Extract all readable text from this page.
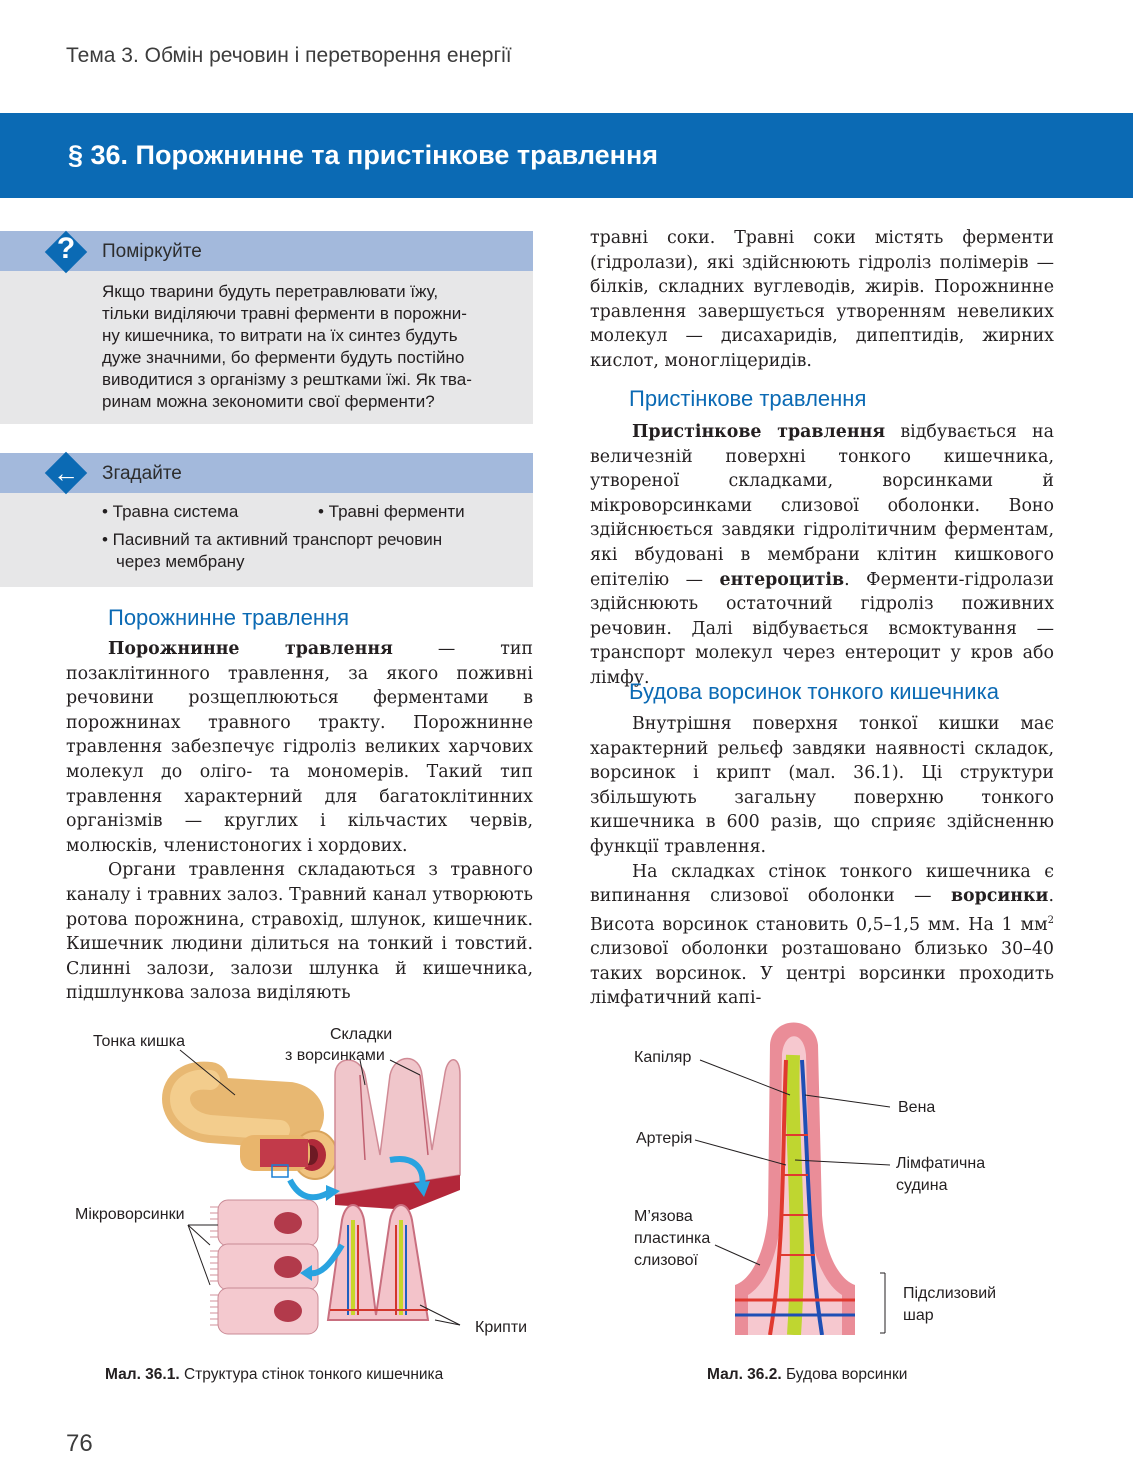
Тема 3. Обмін речовин і перетворення енергії
§ 36. Порожнинне та пристінкове травлення
?	Поміркуйте

Якщо тварини будуть перетравлювати їжу,

тільки виділяючи травні ферменти в порожни-

ну кишечника, то витрати на їх синтез будуть

дуже значними, бо ферменти будуть постійно

виводитися з організму з рештками їжі. Як тва-

ринам можна зекономити свої ферменти?

←	Згадайте
• Травна система	• Травні ферменти
• Пасивний та активний транспорт речовин
через мембрану
Порожнинне травлення

Порожнинне травлення — тип позаклітинного травлення, за якого поживні речовини розщеплюються ферментами в порожнинах травного тракту. Порожнинне травлення забезпечує гідроліз великих харчових молекул до оліго- та мономерів. Такий тип травлення характерний для багатоклітинних організмів — круглих і кільчастих червів, молюсків, членистоногих і хордових.

Органи травлення складаються з травного каналу і травних залоз. Травний канал утворюють ротова порожнина, стравохід, шлунок, кишечник. Кишечник людини ділиться на тонкий і товстий. Слинні залози, залози шлунка й кишечника, підшлункова залоза виділяють

травні соки. Травні соки містять ферменти (гідролази), які здійснюють гідроліз полімерів — білків, складних вуглеводів, жирів. Порожнинне травлення завершується утворенням невеликих молекул — дисахаридів, дипептидів, жирних кислот, моногліцеридів.

Пристінкове травлення

Пристінкове травлення відбувається на величезній поверхні тонкого кишечника, утвореної складками, ворсинками й мікроворсинками слизової оболонки. Воно здійснюється завдяки гідролітичним ферментам, які вбудовані в мембрани клітин кишкового епітелію — ентероцитів. Ферменти-гідролази здійснюють остаточний гідроліз поживних речовин. Далі відбувається всмоктування — транспорт молекул через ентероцит у кров або лімфу.

Будова ворсинок тонкого кишечника

Внутрішня поверхня тонкої кишки має характерний рельєф завдяки наявності складок, ворсинок і крипт (мал. 36.1). Ці структури збільшують загальну поверхню тонкого кишечника в 600 разів, що сприяє здійсненню функції травлення.

На складках стінок тонкого кишечника є випинання слизової оболонки — ворсинки. Висота ворсинок становить 0,5–1,5 мм. На 1 $мм^2$ слизової оболонки розташовано близько 30–40 таких ворсинок. У центрі ворсинки проходить лімфатичний капі-

Тонка кишка	Складки
з ворсинками
Мікроворсинки
Крипти
Мал. 36.1. Структура стінок тонкого кишечника
Капіляр
Артерія
М’язова
пластинка
слизової
Вена
Лімфатична
судина
Підслизовий
шар
Мал. 36.2. Будова ворсинки
76
